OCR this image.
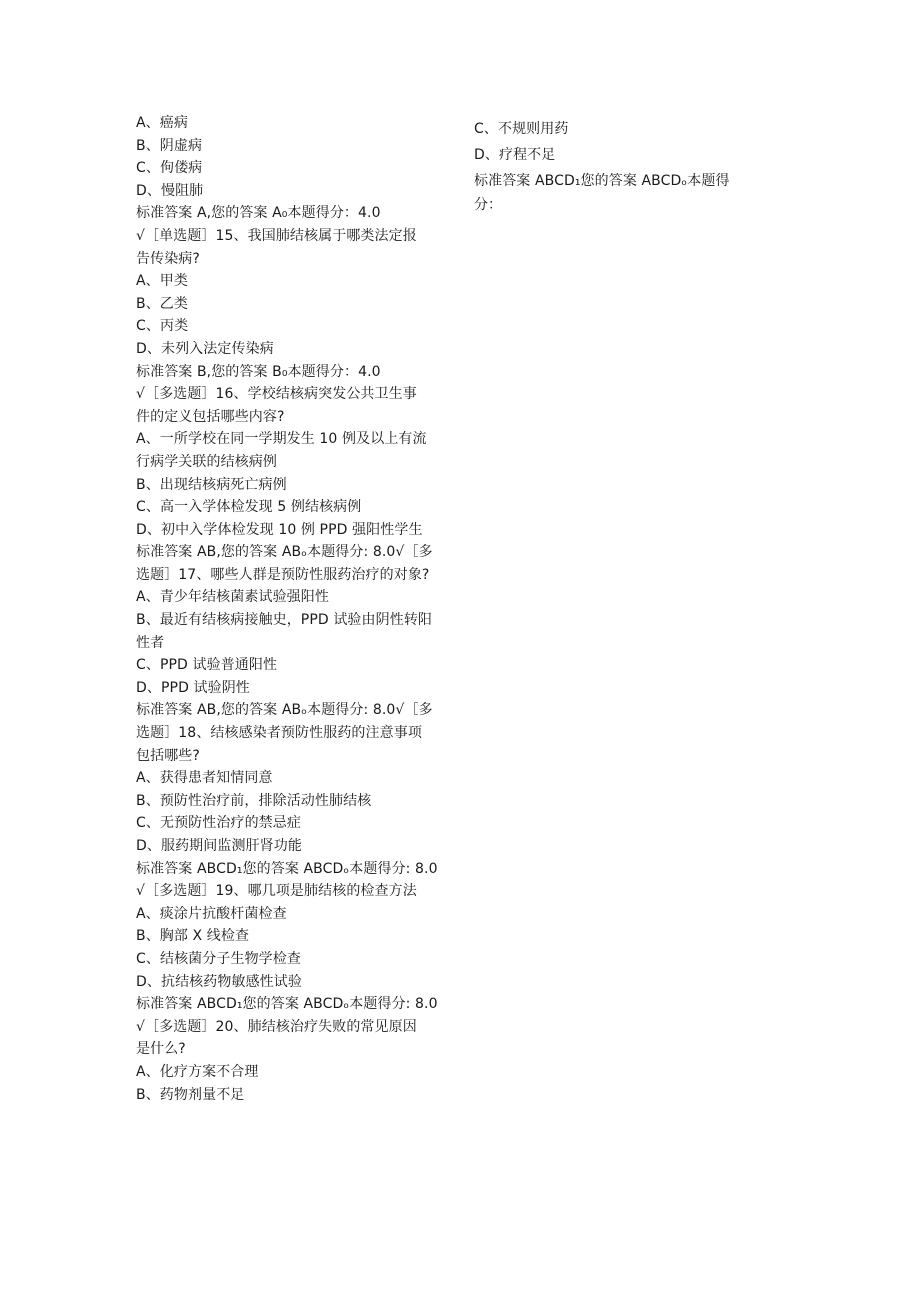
A、癌病
B、阴虚病
C、佝偻病
D、慢阻肺
标准答案 A,您的答案 A₀本题得分：4.0
√［单选题］15、我国肺结核属于哪类法定报
告传染病?
A、甲类
B、乙类
C、丙类
D、未列入法定传染病
标准答案 B,您的答案 B₀本题得分：4.0
√［多选题］16、学校结核病突发公共卫生事
件的定义包括哪些内容?
A、一所学校在同一学期发生 10 例及以上有流
行病学关联的结核病例
B、出现结核病死亡病例
C、高一入学体检发现 5 例结核病例
D、初中入学体检发现 10 例 PPD 强阳性学生
标准答案 AB,您的答案 ABₒ本题得分: 8.0√［多
选题］17、哪些人群是预防性服药治疗的对象?
A、青少年结核菌素试验强阳性
B、最近有结核病接触史，PPD 试验由阴性转阳
性者
C、PPD 试验普通阳性
D、PPD 试验阴性
标准答案 AB,您的答案 ABₒ本题得分: 8.0√［多
选题］18、结核感染者预防性服药的注意事项
包括哪些?
A、获得患者知情同意
B、预防性治疗前，排除活动性肺结核
C、无预防性治疗的禁忌症
D、服药期间监测肝肾功能
标准答案 ABCD₁您的答案 ABCDₒ本题得分: 8.0
√［多选题］19、哪几项是肺结核的检查方法
A、痰涂片抗酸杆菌检查
B、胸部 X 线检查
C、结核菌分子生物学检查
D、抗结核药物敏感性试验
标准答案 ABCD₁您的答案 ABCDₒ本题得分: 8.0
√［多选题］20、肺结核治疗失败的常见原因
是什么?
A、化疗方案不合理
B、药物剂量不足
C、不规则用药
D、疗程不足
标准答案 ABCD₁您的答案 ABCDₒ本题得
分：
